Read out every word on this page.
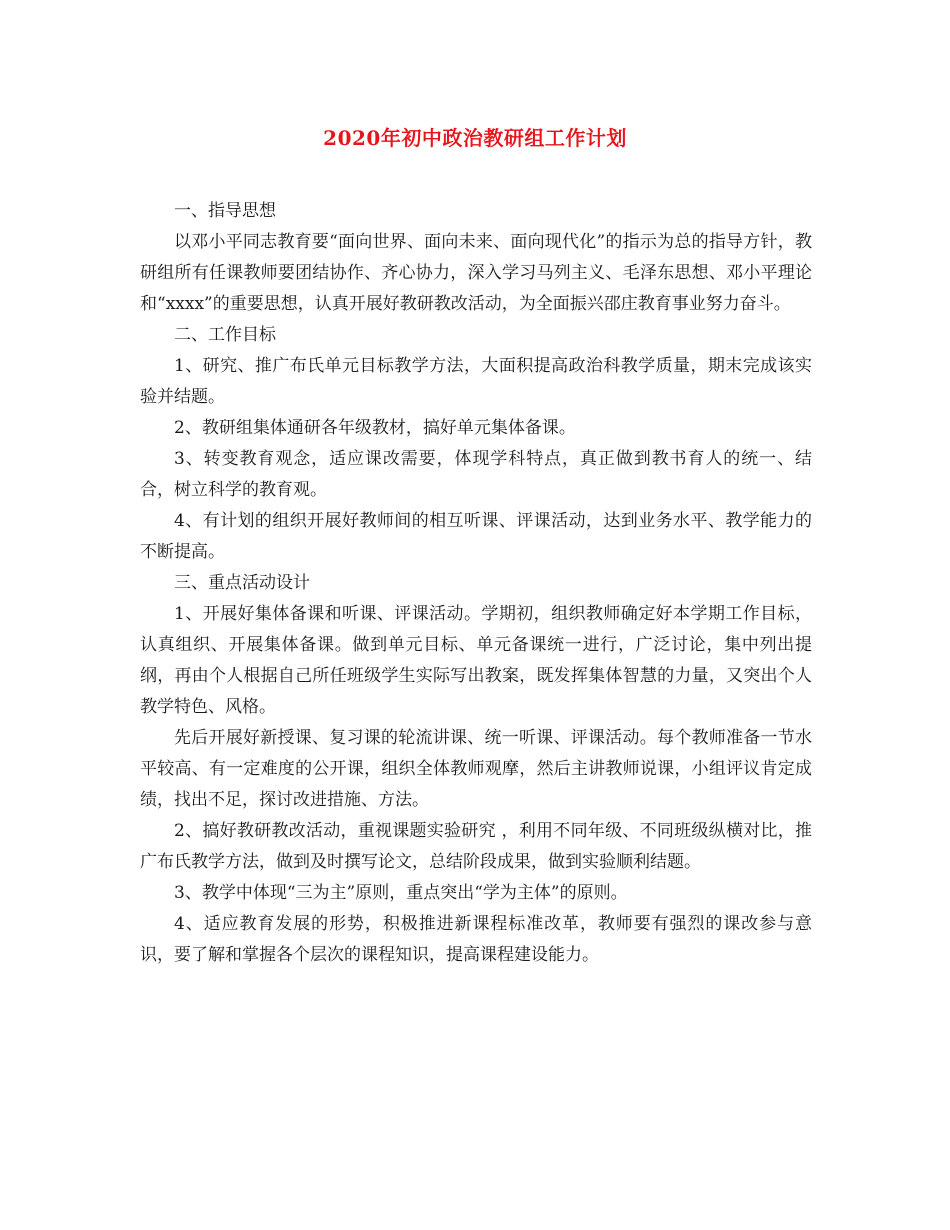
2020年初中政治教研组工作计划

一、指导思想

以邓小平同志教育要“面向世界、面向未来、面向现代化”的指示为总的指导方针，教研组所有任课教师要团结协作、齐心协力，深入学习马列主义、毛泽东思想、邓小平理论和“xxxx”的重要思想，认真开展好教研教改活动，为全面振兴邵庄教育事业努力奋斗。

二、工作目标

1、研究、推广布氏单元目标教学方法，大面积提高政治科教学质量，期末完成该实验并结题。

2、教研组集体通研各年级教材，搞好单元集体备课。

3、转变教育观念，适应课改需要，体现学科特点，真正做到教书育人的统一、结合，树立科学的教育观。

4、有计划的组织开展好教师间的相互听课、评课活动，达到业务水平、教学能力的不断提高。

三、重点活动设计

1、开展好集体备课和听课、评课活动。学期初，组织教师确定好本学期工作目标，认真组织、开展集体备课。做到单元目标、单元备课统一进行，广泛讨论，集中列出提纲，再由个人根据自己所任班级学生实际写出教案，既发挥集体智慧的力量，又突出个人教学特色、风格。

先后开展好新授课、复习课的轮流讲课、统一听课、评课活动。每个教师准备一节水平较高、有一定难度的公开课，组织全体教师观摩，然后主讲教师说课，小组评议肯定成绩，找出不足，探讨改进措施、方法。

2、搞好教研教改活动，重视课题实验研究 ，利用不同年级、不同班级纵横对比，推广布氏教学方法，做到及时撰写论文，总结阶段成果，做到实验顺利结题。

3、教学中体现“三为主”原则，重点突出“学为主体”的原则。

4、适应教育发展的形势，积极推进新课程标准改革，教师要有强烈的课改参与意识，要了解和掌握各个层次的课程知识，提高课程建设能力。
